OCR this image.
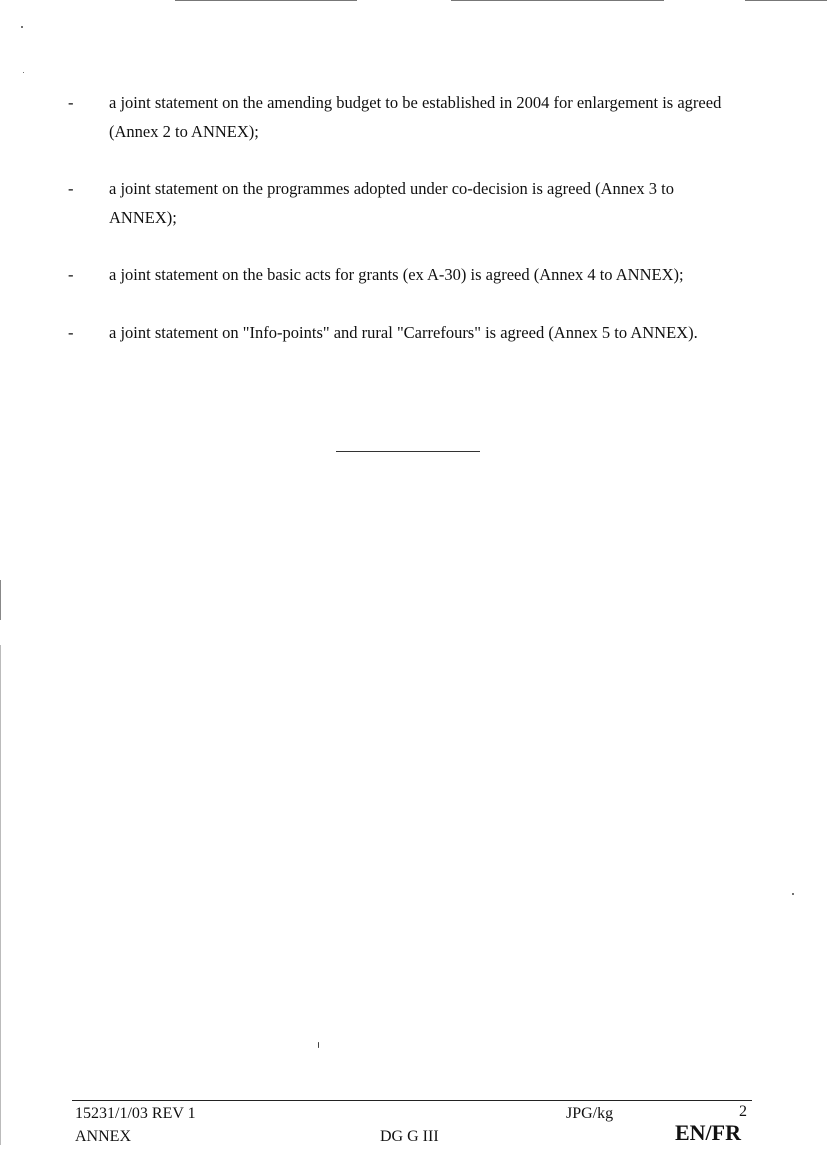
- a joint statement on the amending budget to be established in 2004 for enlargement is agreed
(Annex 2 to ANNEX);
- a joint statement on the programmes adopted under co-decision is agreed (Annex 3 to
ANNEX);
- a joint statement on the basic acts for grants (ex A-30) is agreed (Annex 4 to ANNEX);
- a joint statement on "Info-points" and rural "Carrefours" is agreed (Annex 5 to ANNEX).
15231/1/03 REV 1
ANNEX	DG G III
JPG/kg	2
EN/FR
